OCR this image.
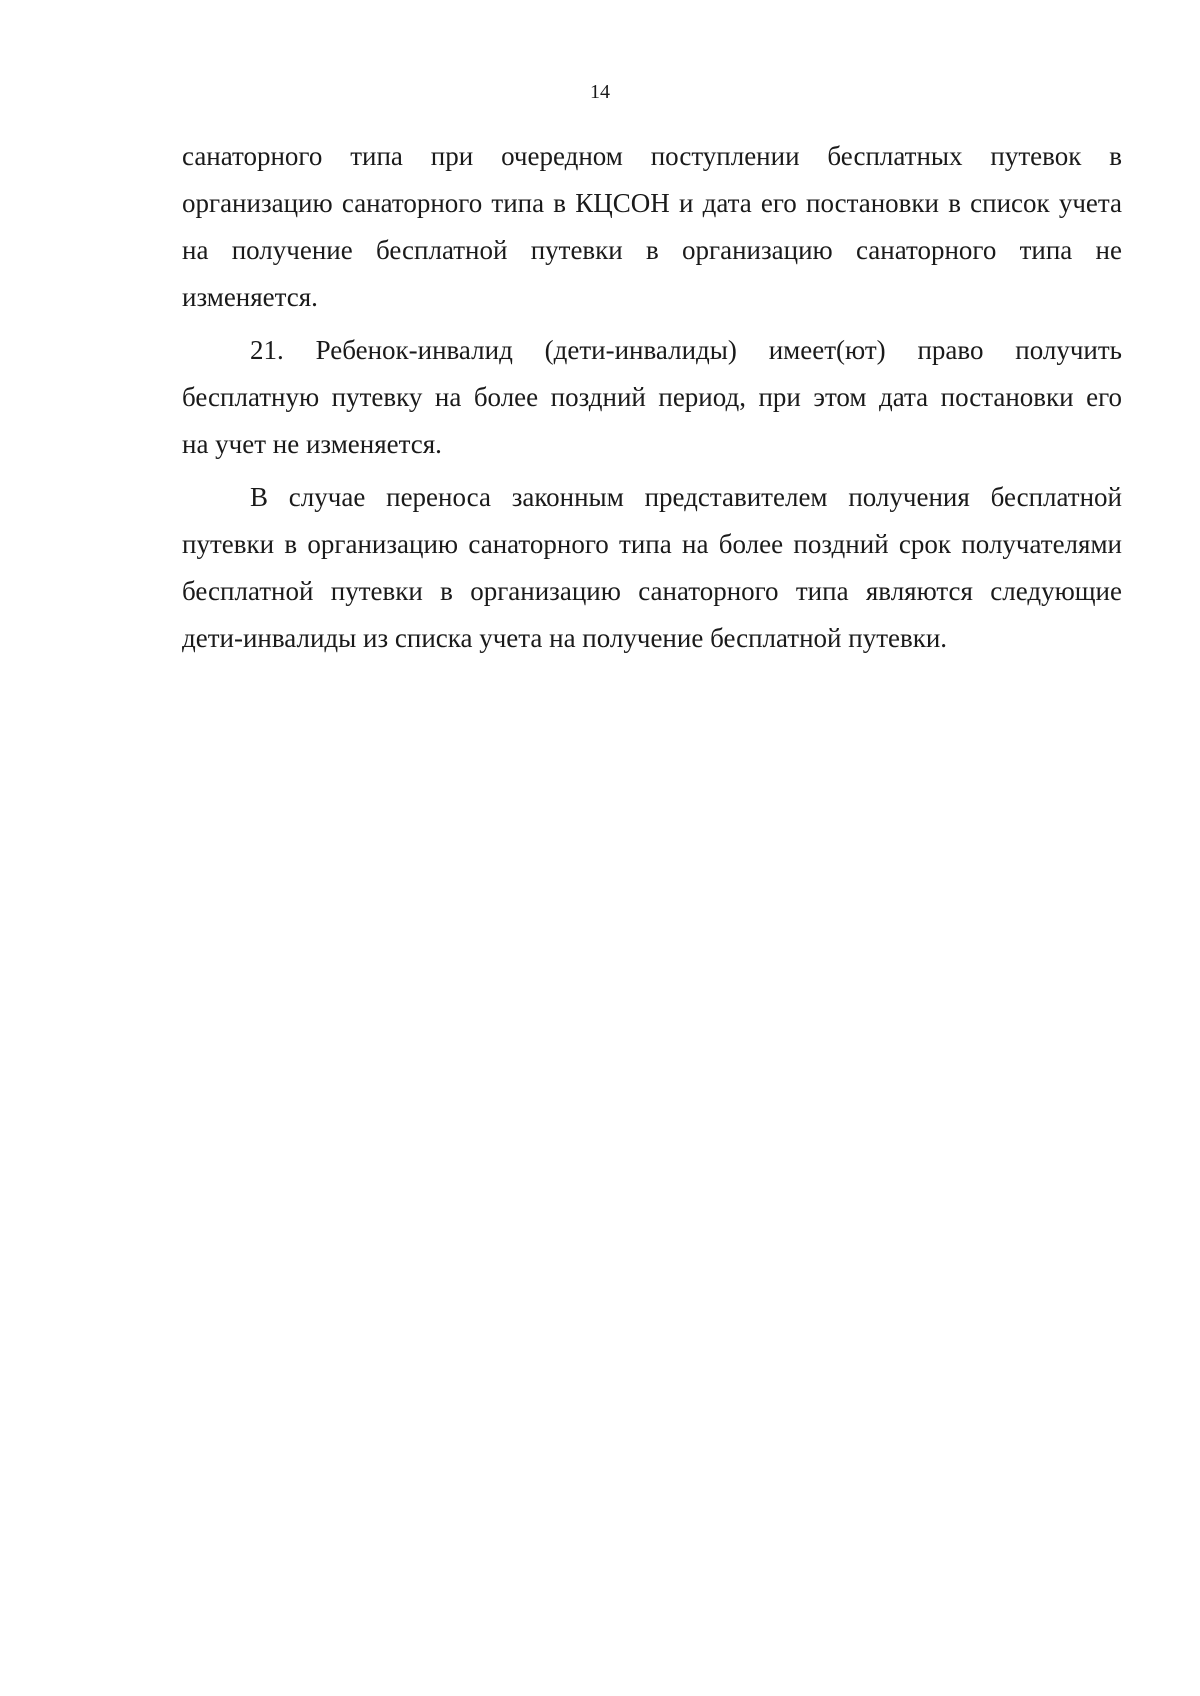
14
санаторного типа при очередном поступлении бесплатных путевок в
организацию санаторного типа в КЦСОН и дата его постановки в список учета
на получение бесплатной путевки в организацию санаторного типа не
изменяется.
21. Ребенок-инвалид (дети-инвалиды) имеет(ют) право получить
бесплатную путевку на более поздний период, при этом дата постановки его
на учет не изменяется.
В случае переноса законным представителем получения бесплатной
путевки в организацию санаторного типа на более поздний срок получателями
бесплатной путевки в организацию санаторного типа являются следующие
дети-инвалиды из списка учета на получение бесплатной путевки.
